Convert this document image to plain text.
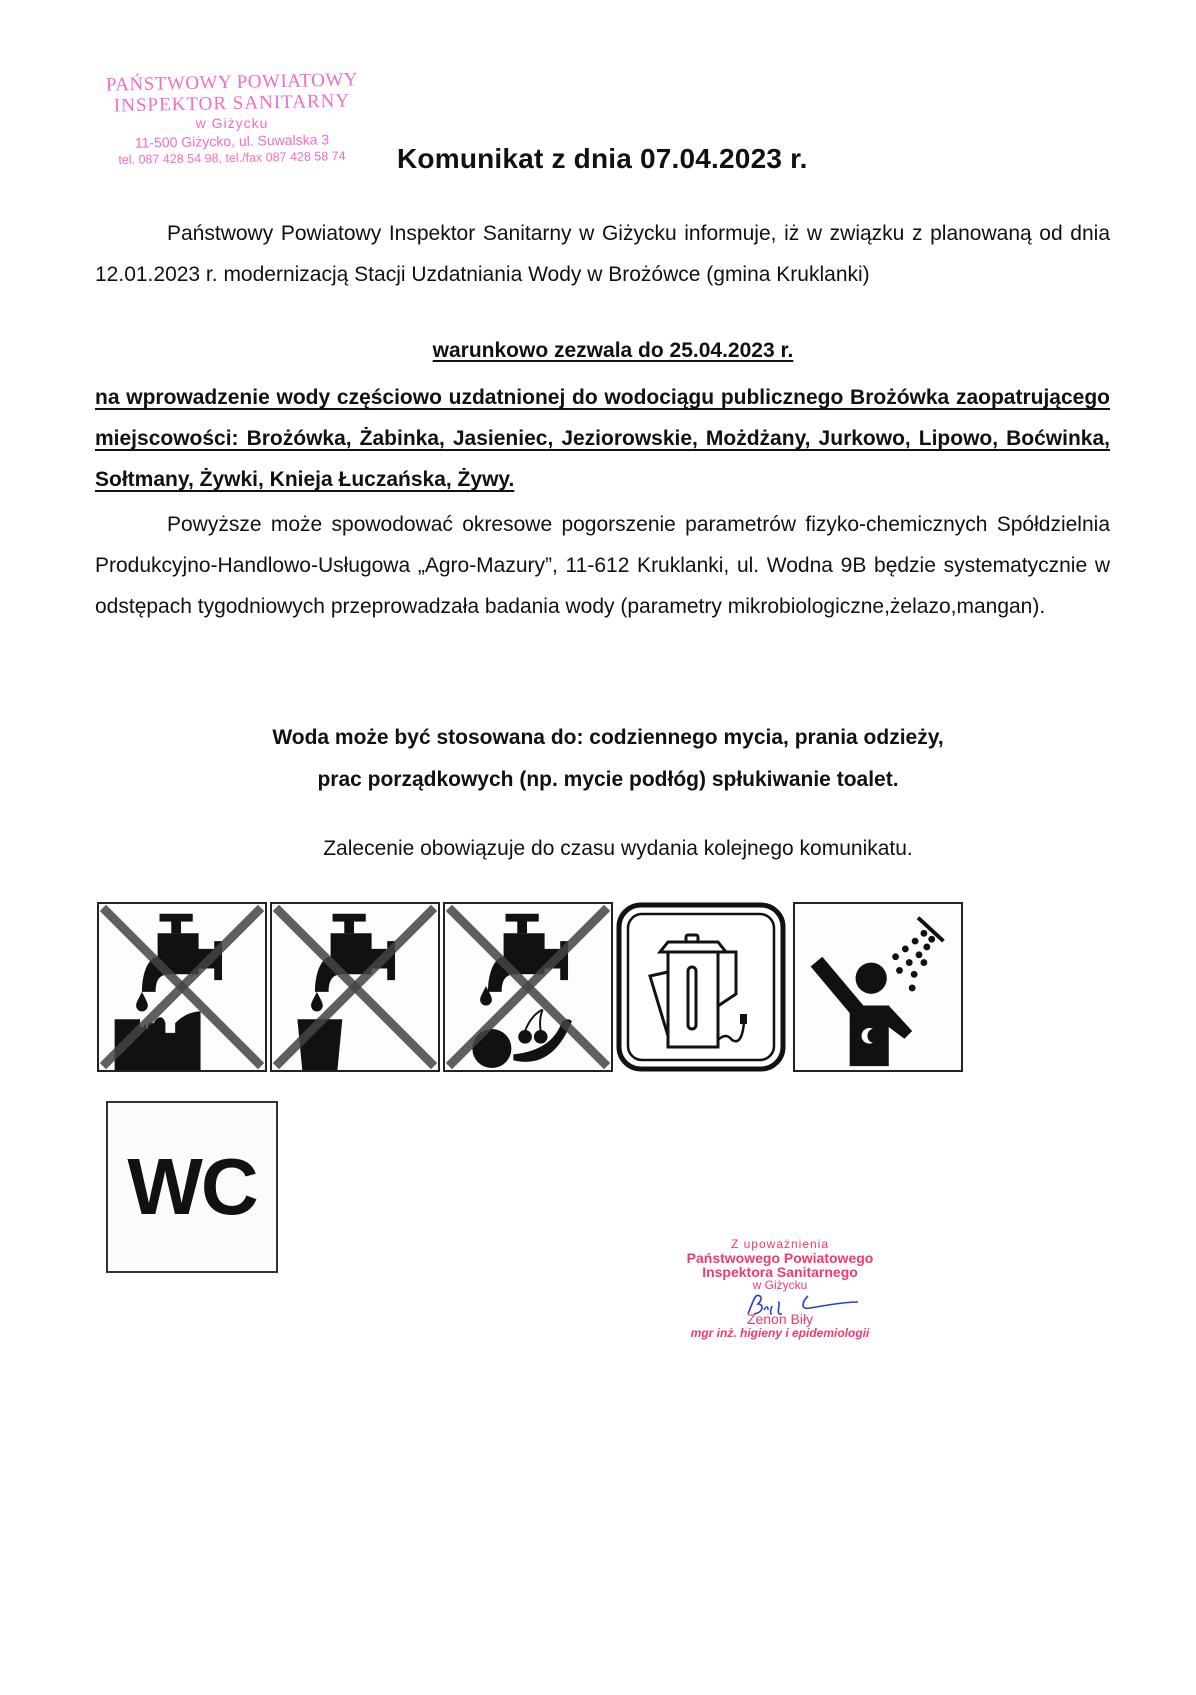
PAŃSTWOWY POWIATOWY
INSPEKTOR SANITARNY
w Giżycku
11-500 Giżycko, ul. Suwalska 3
tel. 087 428 54 98, tel./fax 087 428 58 74	Komunikat z dnia 07.04.2023 r.
Państwowy Powiatowy Inspektor Sanitarny w Giżycku informuje, iż w związku z planowaną od dnia 12.01.2023 r. modernizacją Stacji Uzdatniania Wody w Brożówce (gmina Kruklanki)
warunkowo zezwala do 25.04.2023 r.
na wprowadzenie wody częściowo uzdatnionej do wodociągu publicznego Brożówka zaopatrującego miejscowości: Brożówka, Żabinka, Jasieniec, Jeziorowskie, Możdżany, Jurkowo, Lipowo, Boćwinka, Sołtmany, Żywki, Knieja Łuczańska, Żywy.
Powyższe może spowodować okresowe pogorszenie parametrów fizyko-chemicznych Spółdzielnia Produkcyjno-Handlowo-Usługowa „Agro-Mazury”, 11-612 Kruklanki, ul. Wodna 9B będzie systematycznie w odstępach tygodniowych przeprowadzała badania wody (parametry mikrobiologiczne,żelazo,mangan).
Woda może być stosowana do: codziennego mycia, prania odzieży,
prac porządkowych (np. mycie podłóg) spłukiwanie toalet.
Zalecenie obowiązuje do czasu wydania kolejnego komunikatu.
WC
Z upoważnienia
Państwowego Powiatowego
Inspektora Sanitarnego
w Giżycku
Zenon Biły
mgr inż. higieny i epidemiologii
